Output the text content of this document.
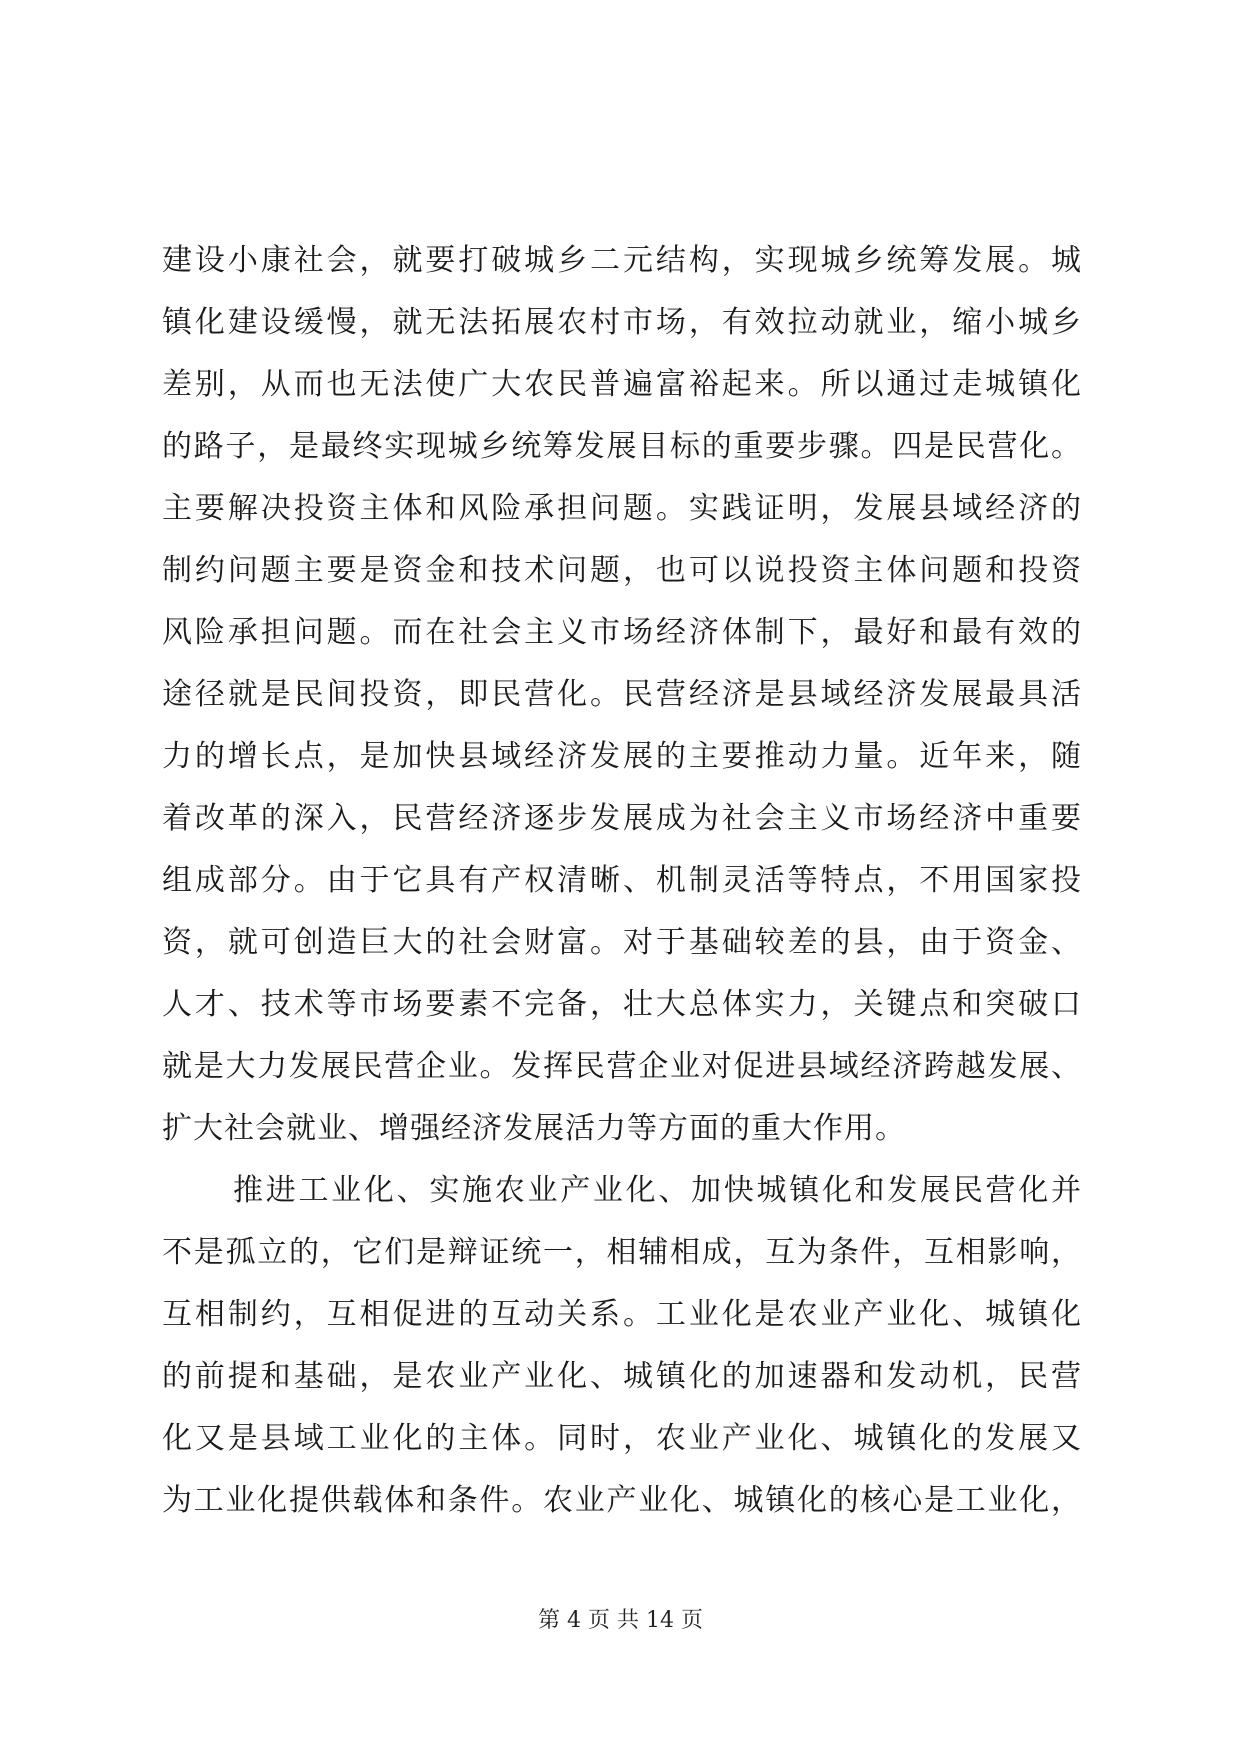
建设小康社会，就要打破城乡二元结构，实现城乡统筹发展。城
镇化建设缓慢，就无法拓展农村市场，有效拉动就业，缩小城乡
差别，从而也无法使广大农民普遍富裕起来。所以通过走城镇化
的路子，是最终实现城乡统筹发展目标的重要步骤。四是民营化。
主要解决投资主体和风险承担问题。实践证明，发展县域经济的
制约问题主要是资金和技术问题，也可以说投资主体问题和投资
风险承担问题。而在社会主义市场经济体制下，最好和最有效的
途径就是民间投资，即民营化。民营经济是县域经济发展最具活
力的增长点，是加快县域经济发展的主要推动力量。近年来，随
着改革的深入，民营经济逐步发展成为社会主义市场经济中重要
组成部分。由于它具有产权清晰、机制灵活等特点，不用国家投
资，就可创造巨大的社会财富。对于基础较差的县，由于资金、
人才、技术等市场要素不完备，壮大总体实力，关键点和突破口
就是大力发展民营企业。发挥民营企业对促进县域经济跨越发展、
扩大社会就业、增强经济发展活力等方面的重大作用。
推进工业化、实施农业产业化、加快城镇化和发展民营化并
不是孤立的，它们是辩证统一，相辅相成，互为条件，互相影响，
互相制约，互相促进的互动关系。工业化是农业产业化、城镇化
的前提和基础，是农业产业化、城镇化的加速器和发动机，民营
化又是县域工业化的主体。同时，农业产业化、城镇化的发展又
为工业化提供载体和条件。农业产业化、城镇化的核心是工业化，
第 4 页 共 14 页
